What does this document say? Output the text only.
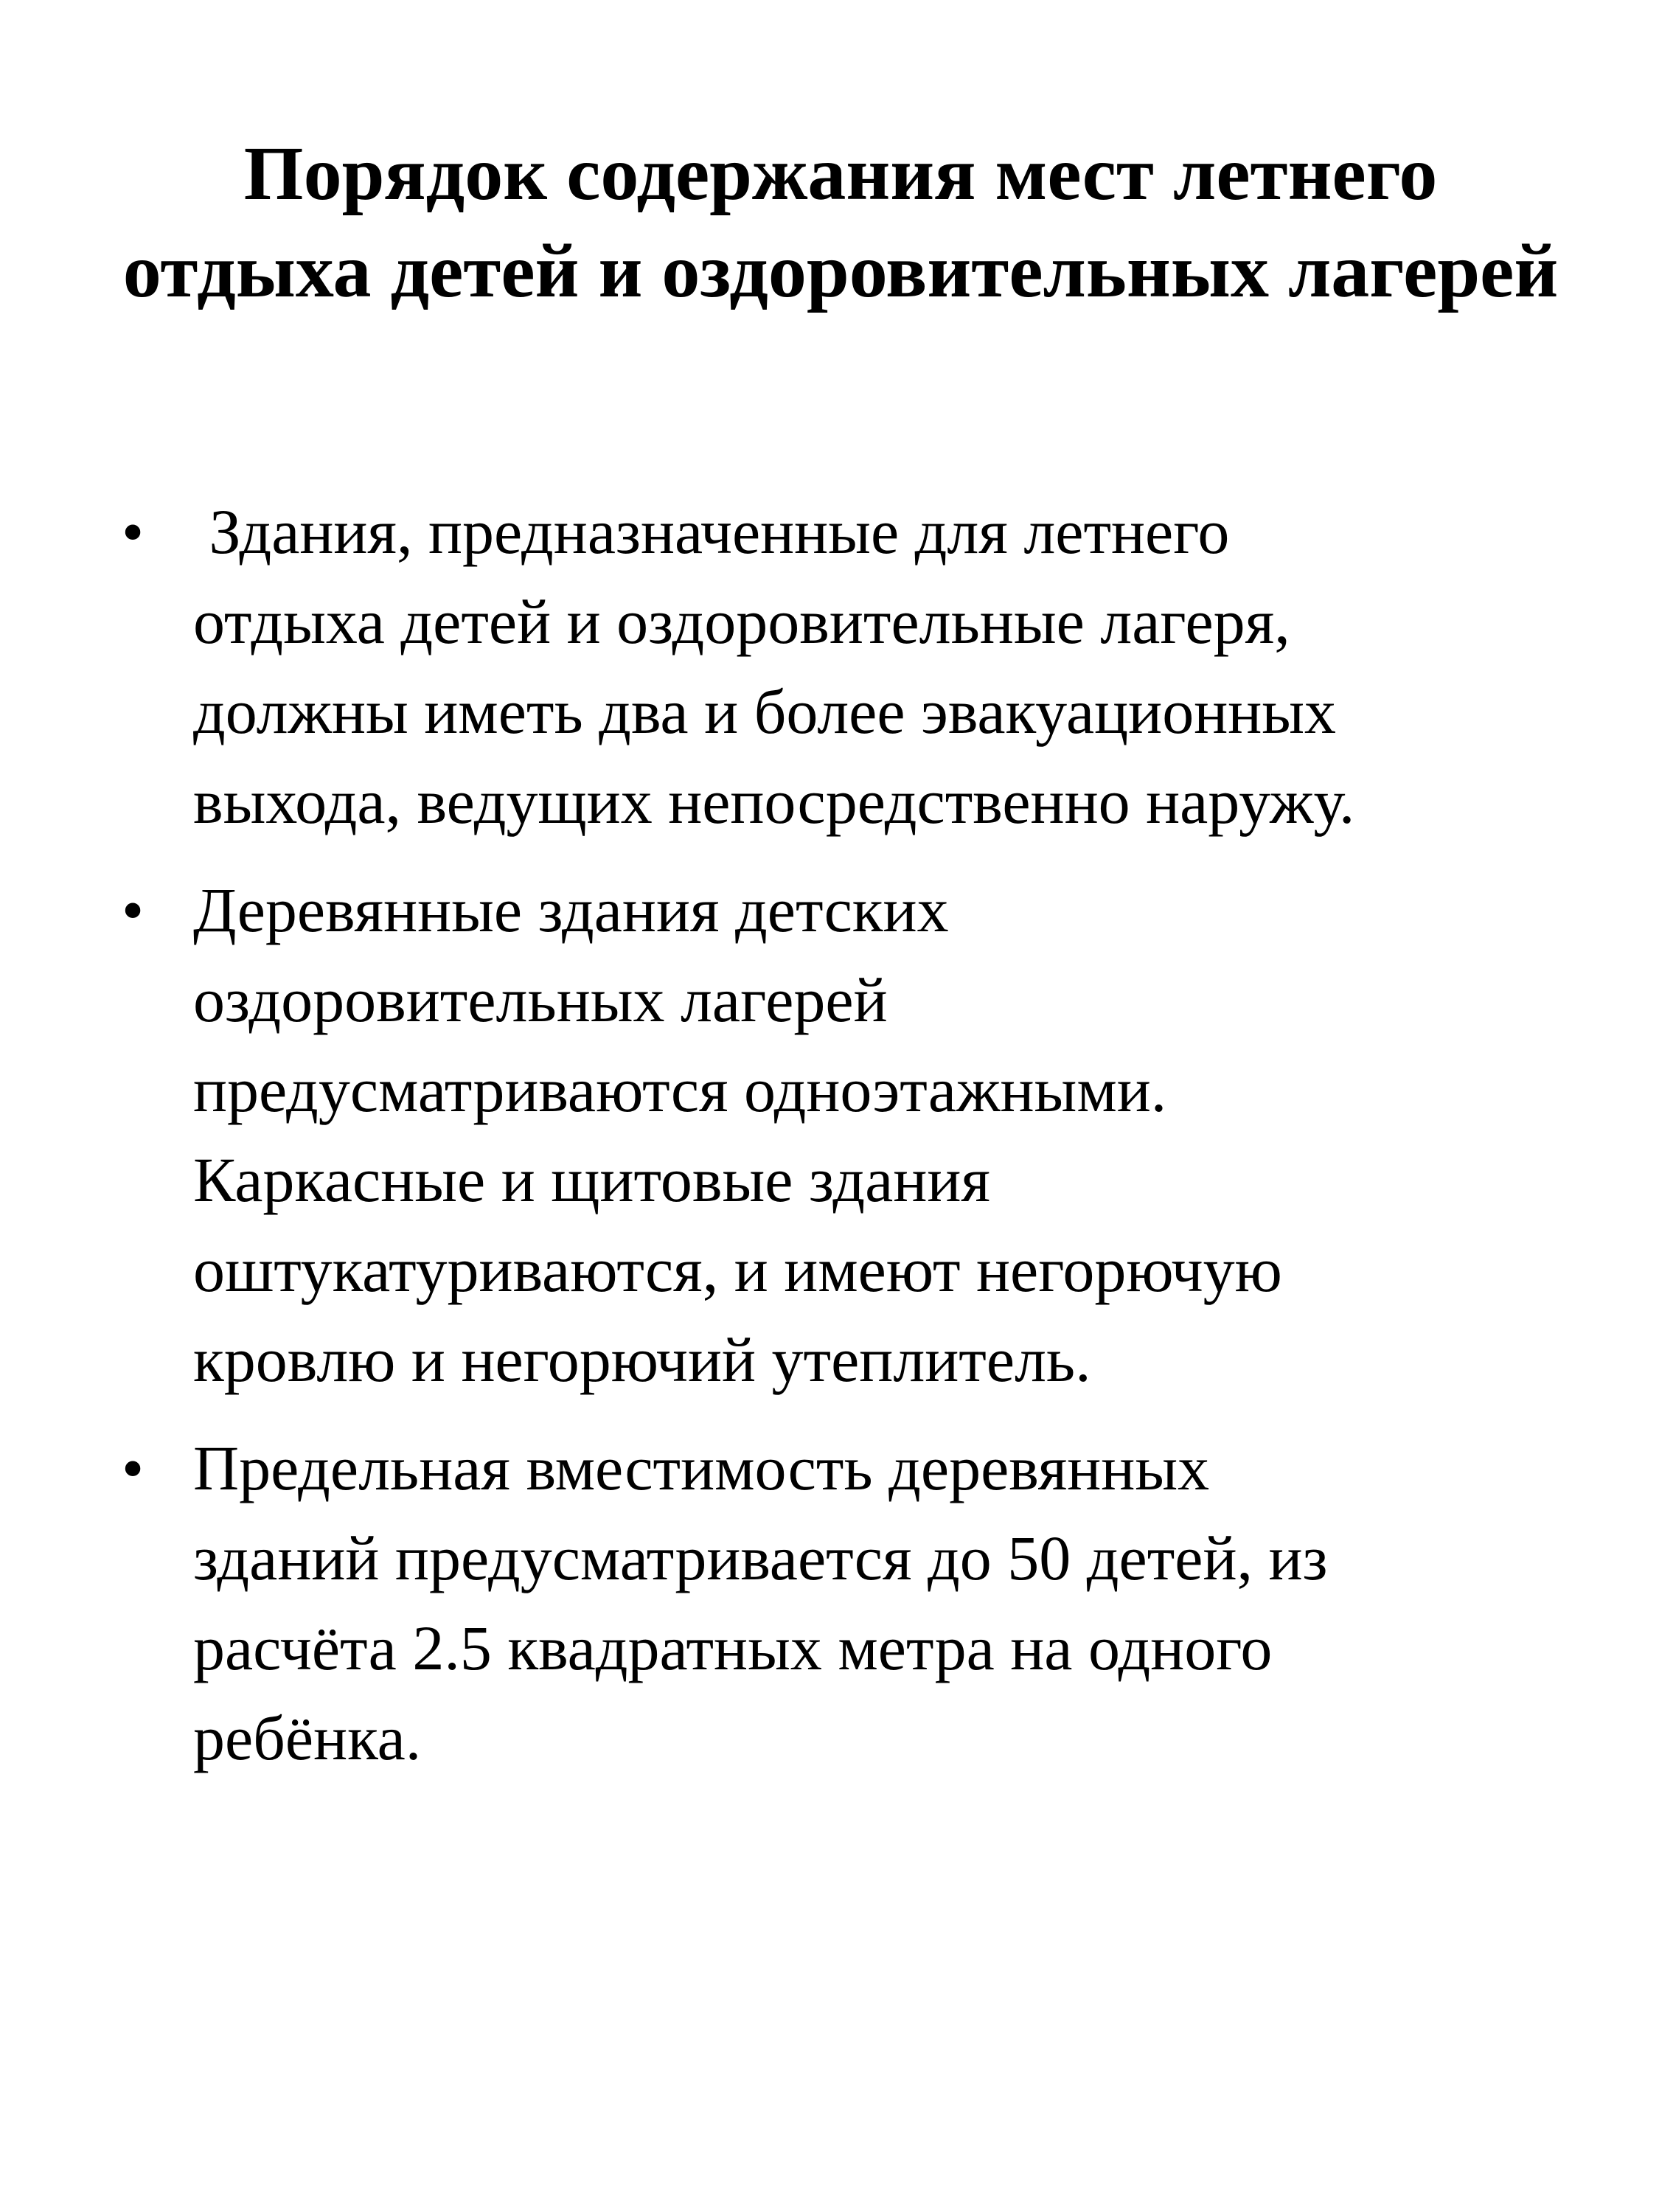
Порядок содержания мест летнего отдыха детей и оздоровительных лагерей
• Здания, предназначенные для летнего
отдыха детей и оздоровительные лагеря,
должны иметь два и более эвакуационных
выхода, ведущих непосредственно наружу.
• Деревянные здания детских
оздоровительных лагерей
предусматриваются одноэтажными.
Каркасные и щитовые здания
оштукатуриваются, и имеют негорючую
кровлю и негорючий утеплитель.
• Предельная вместимость деревянных
зданий предусматривается до 50 детей, из
расчёта 2.5 квадратных метра на одного
ребёнка.
